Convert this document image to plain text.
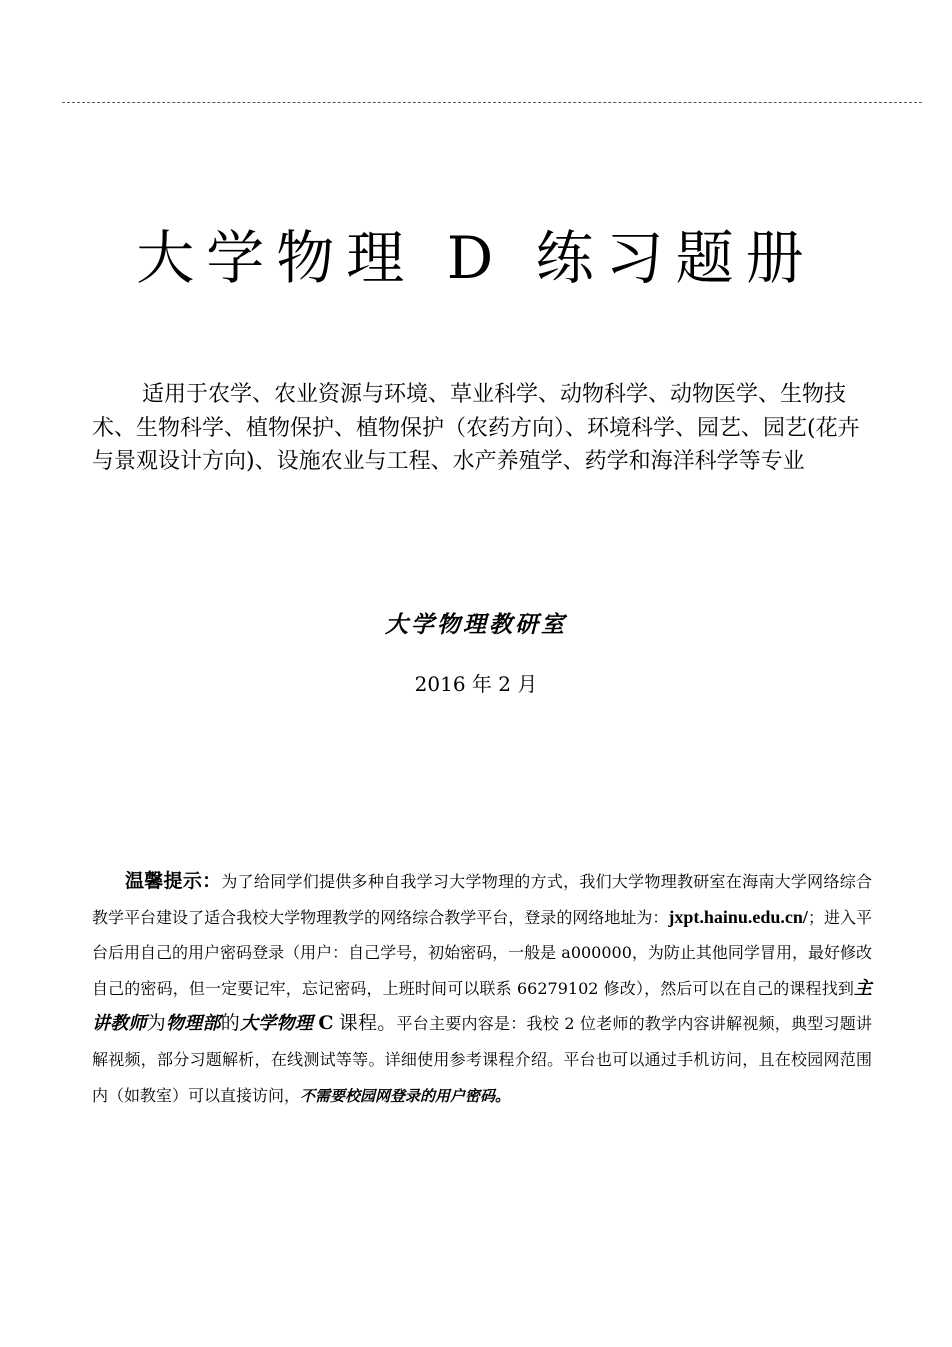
大学物理 D 练习题册

适用于农学、农业资源与环境、草业科学、动物科学、动物医学、生物技术、生物科学、植物保护、植物保护（农药方向）、环境科学、园艺、园艺(花卉与景观设计方向)、设施农业与工程、水产养殖学、药学和海洋科学等专业

大学物理教研室
2016 年 2 月

温馨提示：为了给同学们提供多种自我学习大学物理的方式，我们大学物理教研室在海南大学网络综合教学平台建设了适合我校大学物理教学的网络综合教学平台，登录的网络地址为：jxpt.hainu.edu.cn/；进入平台后用自己的用户密码登录（用户：自己学号，初始密码，一般是 a000000，为防止其他同学冒用，最好修改自己的密码，但一定要记牢，忘记密码，上班时间可以联系 66279102 修改），然后可以在自己的课程找到主讲教师为物理部的大学物理 C 课程。平台主要内容是：我校 2 位老师的教学内容讲解视频，典型习题讲解视频，部分习题解析，在线测试等等。详细使用参考课程介绍。平台也可以通过手机访问，且在校园网范围内（如教室）可以直接访问，不需要校园网登录的用户密码。
